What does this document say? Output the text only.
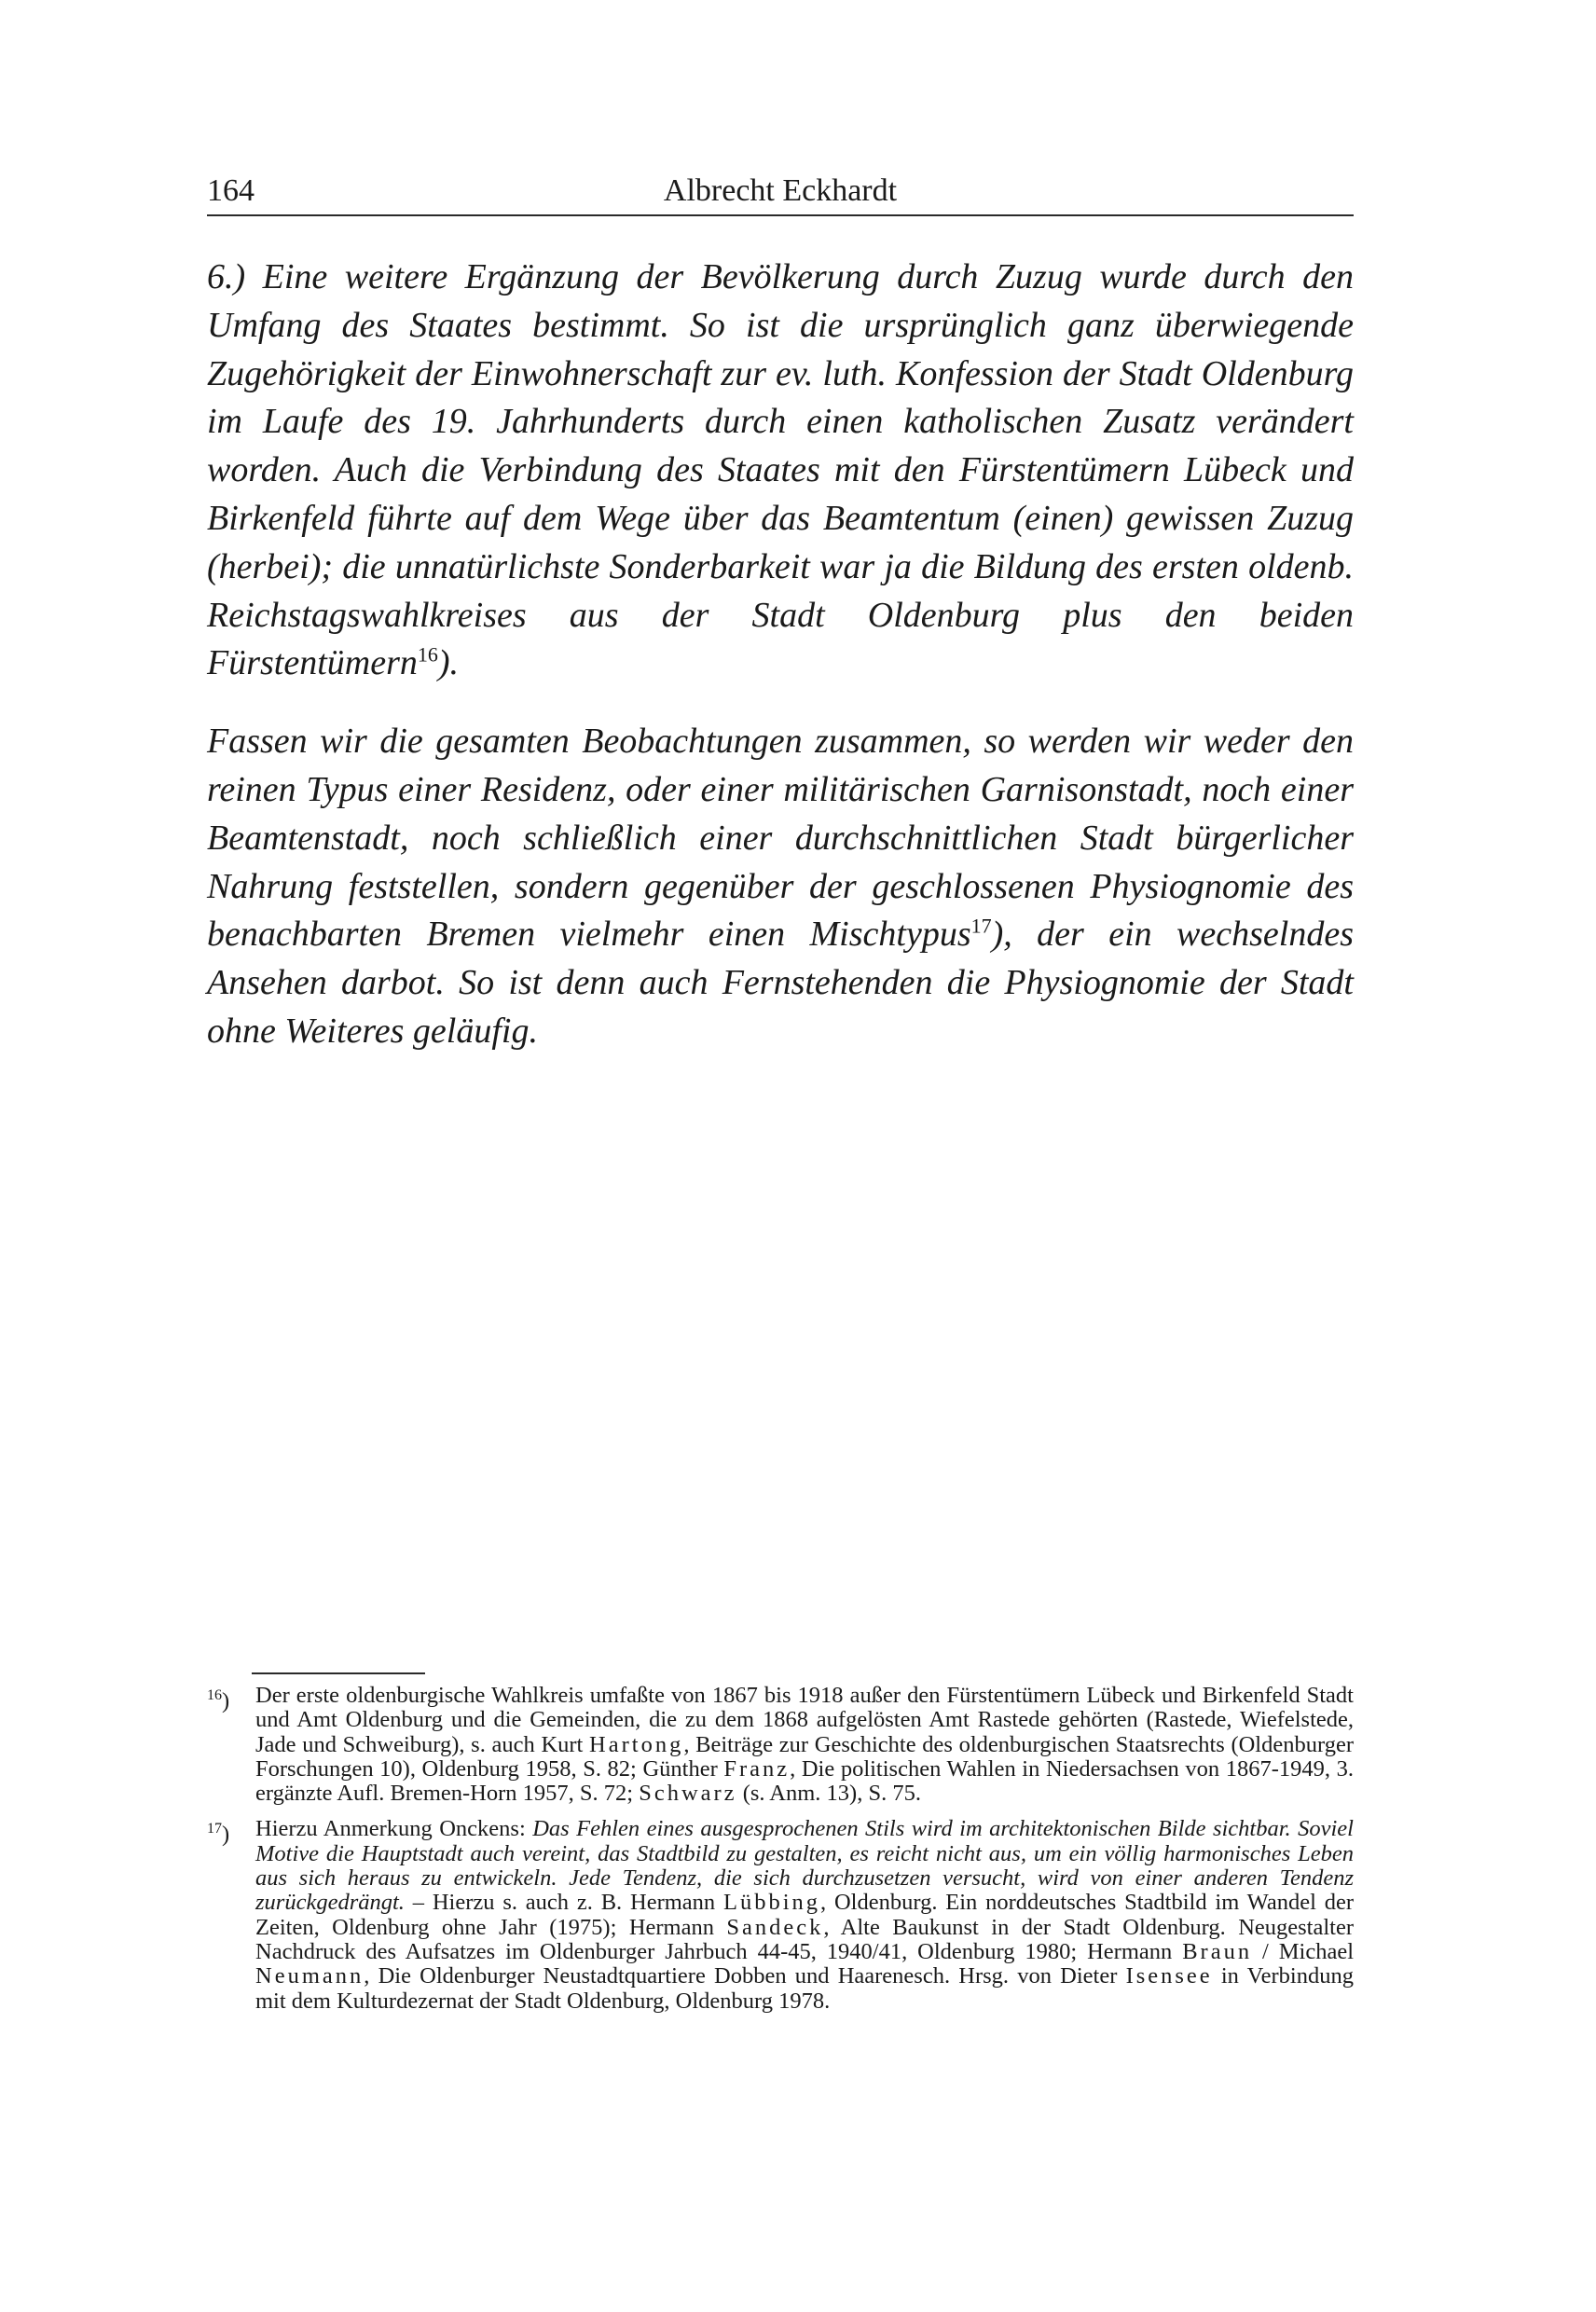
164	Albrecht Eckhardt

6.) Eine weitere Ergänzung der Bevölkerung durch Zuzug wurde durch den Umfang des Staates bestimmt. So ist die ursprünglich ganz überwiegende Zugehörigkeit der Einwohnerschaft zur ev. luth. Konfession der Stadt Oldenburg im Laufe des 19. Jahrhunderts durch einen katholischen Zusatz verändert worden. Auch die Verbindung des Staates mit den Fürstentümern Lübeck und Birkenfeld führte auf dem Wege über das Beamtentum (einen) gewissen Zuzug (herbei); die unnatürlichste Sonderbarkeit war ja die Bildung des ersten oldenb. Reichstagswahlkreises aus der Stadt Oldenburg plus den beiden Fürstentümern$^{16}$).

Fassen wir die gesamten Beobachtungen zusammen, so werden wir weder den reinen Typus einer Residenz, oder einer militärischen Garnisonstadt, noch einer Beamtenstadt, noch schließlich einer durchschnittlichen Stadt bürgerlicher Nahrung feststellen, sondern gegenüber der geschlossenen Physiognomie des benachbarten Bremen vielmehr einen Mischtypus$^{17}$), der ein wechselndes Ansehen darbot. So ist denn auch Fernstehenden die Physiognomie der Stadt ohne Weiteres geläufig.

$^{16}$) Der erste oldenburgische Wahlkreis umfaßte von 1867 bis 1918 außer den Fürstentümern Lübeck und Birkenfeld Stadt und Amt Oldenburg und die Gemeinden, die zu dem 1868 aufgelösten Amt Rastede gehörten (Rastede, Wiefelstede, Jade und Schweiburg), s. auch Kurt Hartong, Beiträge zur Geschichte des oldenburgischen Staatsrechts (Oldenburger Forschungen 10), Oldenburg 1958, S. 82; Günther Franz, Die politischen Wahlen in Niedersachsen von 1867-1949, 3. ergänzte Aufl. Bremen-Horn 1957, S. 72; Schwarz (s. Anm. 13), S. 75.
$^{17}$) Hierzu Anmerkung Onckens: Das Fehlen eines ausgesprochenen Stils wird im architektonischen Bilde sichtbar. Soviel Motive die Hauptstadt auch vereint, das Stadtbild zu gestalten, es reicht nicht aus, um ein völlig harmonisches Leben aus sich heraus zu entwickeln. Jede Tendenz, die sich durchzusetzen versucht, wird von einer anderen Tendenz zurückgedrängt. – Hierzu s. auch z. B. Hermann Lübbing, Oldenburg. Ein norddeutsches Stadtbild im Wandel der Zeiten, Oldenburg ohne Jahr (1975); Hermann Sandeck, Alte Baukunst in der Stadt Oldenburg. Neugestalter Nachdruck des Aufsatzes im Oldenburger Jahrbuch 44-45, 1940/41, Oldenburg 1980; Hermann Braun / Michael Neumann, Die Oldenburger Neustadtquartiere Dobben und Haarenesch. Hrsg. von Dieter Isensee in Verbindung mit dem Kulturdezernat der Stadt Oldenburg, Oldenburg 1978.
